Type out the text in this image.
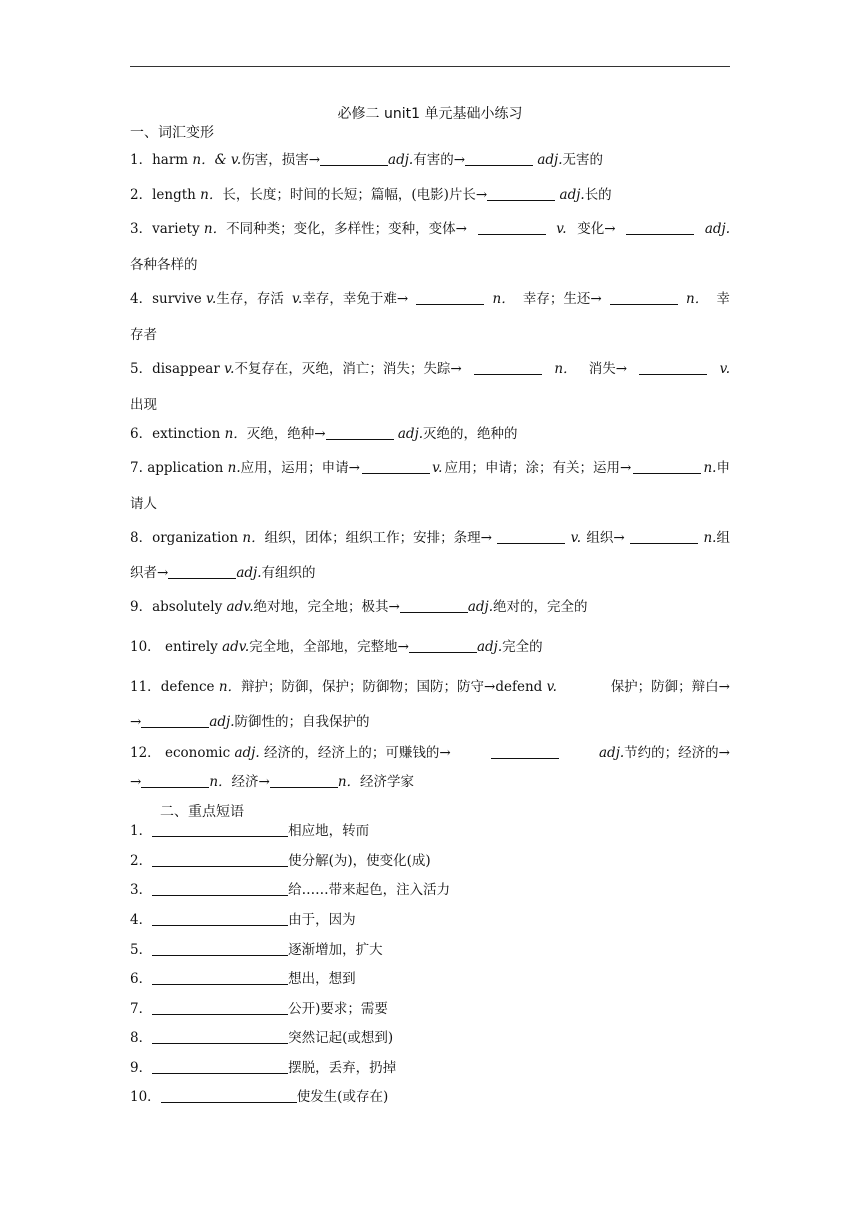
必修二 unit1 单元基础小练习
一、词汇变形
1．harm n．& v.伤害，损害→	adj.有害的→	adj.无害的
2．length n．长，长度；时间的长短；篇幅，(电影)片长→	adj.长的
3．variety n．不同种类；变化，多样性；变种，变体→	v. 变化→	adj.
各种各样的
4．survive v.生存，存活 v.幸存，幸免于难→	n． 幸存；生还→	n． 幸
存者
5．disappear v.不复存在，灭绝，消亡；消失；失踪→	n． 消失→	v.
出现
6．extinction n．灭绝，绝种→	adj.灭绝的，绝种的
7. application n.应用，运用；申请→	v. 应用；申请；涂；有关；运用→	n.申
请人
8．organization n．组织，团体；组织工作；安排；条理→	v. 组织→	n.组
织者→	adj.有组织的
9．absolutely adv.绝对地，完全地；极其→	adj.绝对的，完全的
10． entirely adv.完全地，全部地，完整地→	adj.完全的
11．defence n．辩护；防御，保护；防御物；国防；防守→defend v.	保护；防御；辩白→
→	adj.防御性的；自我保护的
12． economic adj. 经济的，经济上的；可赚钱的→	adj.节约的；经济的→
→	n．经济→	n．经济学家
二、重点短语
1．	相应地，转而
2．	使分解(为)，使变化(成)
3．	给……带来起色，注入活力
4．	由于，因为
5．	逐渐增加，扩大
6．	想出，想到
7．	公开)要求；需要
8．	突然记起(或想到)
9．	摆脱，丢弃，扔掉
10．	使发生(或存在)
